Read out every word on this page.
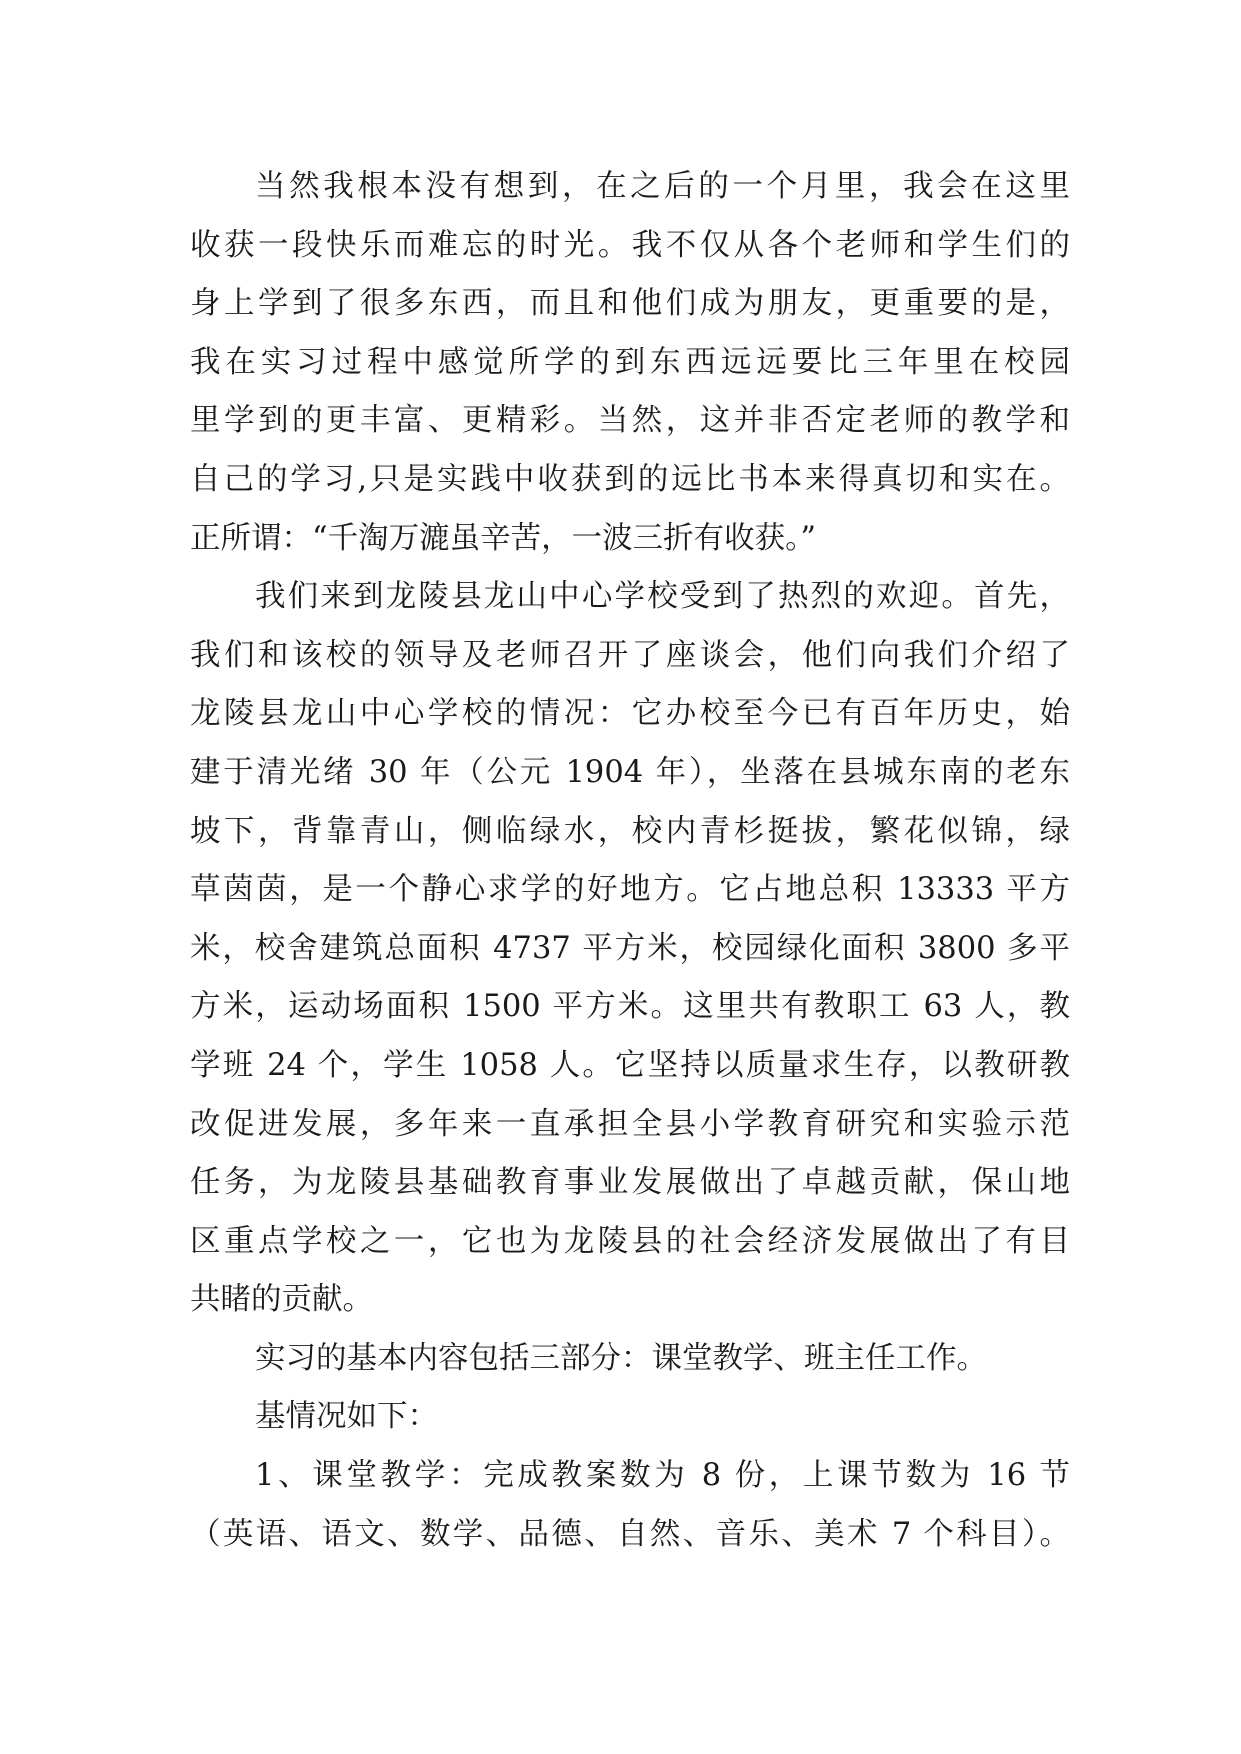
当然我根本没有想到，在之后的一个月里，我会在这里
收获一段快乐而难忘的时光。我不仅从各个老师和学生们的
身上学到了很多东西，而且和他们成为朋友，更重要的是，
我在实习过程中感觉所学的到东西远远要比三年里在校园
里学到的更丰富、更精彩。当然，这并非否定老师的教学和
自己的学习,只是实践中收获到的远比书本来得真切和实在。
正所谓：“千淘万漉虽辛苦，一波三折有收获。”
我们来到龙陵县龙山中心学校受到了热烈的欢迎。首先，
我们和该校的领导及老师召开了座谈会，他们向我们介绍了
龙陵县龙山中心学校的情况：它办校至今已有百年历史，始
建于清光绪 30 年（公元 1904 年），坐落在县城东南的老东
坡下，背靠青山，侧临绿水，校内青杉挺拔，繁花似锦，绿
草茵茵，是一个静心求学的好地方。它占地总积 13333 平方
米，校舍建筑总面积 4737 平方米，校园绿化面积 3800 多平
方米，运动场面积 1500 平方米。这里共有教职工 63 人，教
学班 24 个，学生 1058 人。它坚持以质量求生存，以教研教
改促进发展，多年来一直承担全县小学教育研究和实验示范
任务，为龙陵县基础教育事业发展做出了卓越贡献，保山地
区重点学校之一，它也为龙陵县的社会经济发展做出了有目
共睹的贡献。
实习的基本内容包括三部分：课堂教学、班主任工作。
基情况如下：
1、课堂教学：完成教案数为 8 份，上课节数为 16 节
（英语、语文、数学、品德、自然、音乐、美术 7 个科目）。
